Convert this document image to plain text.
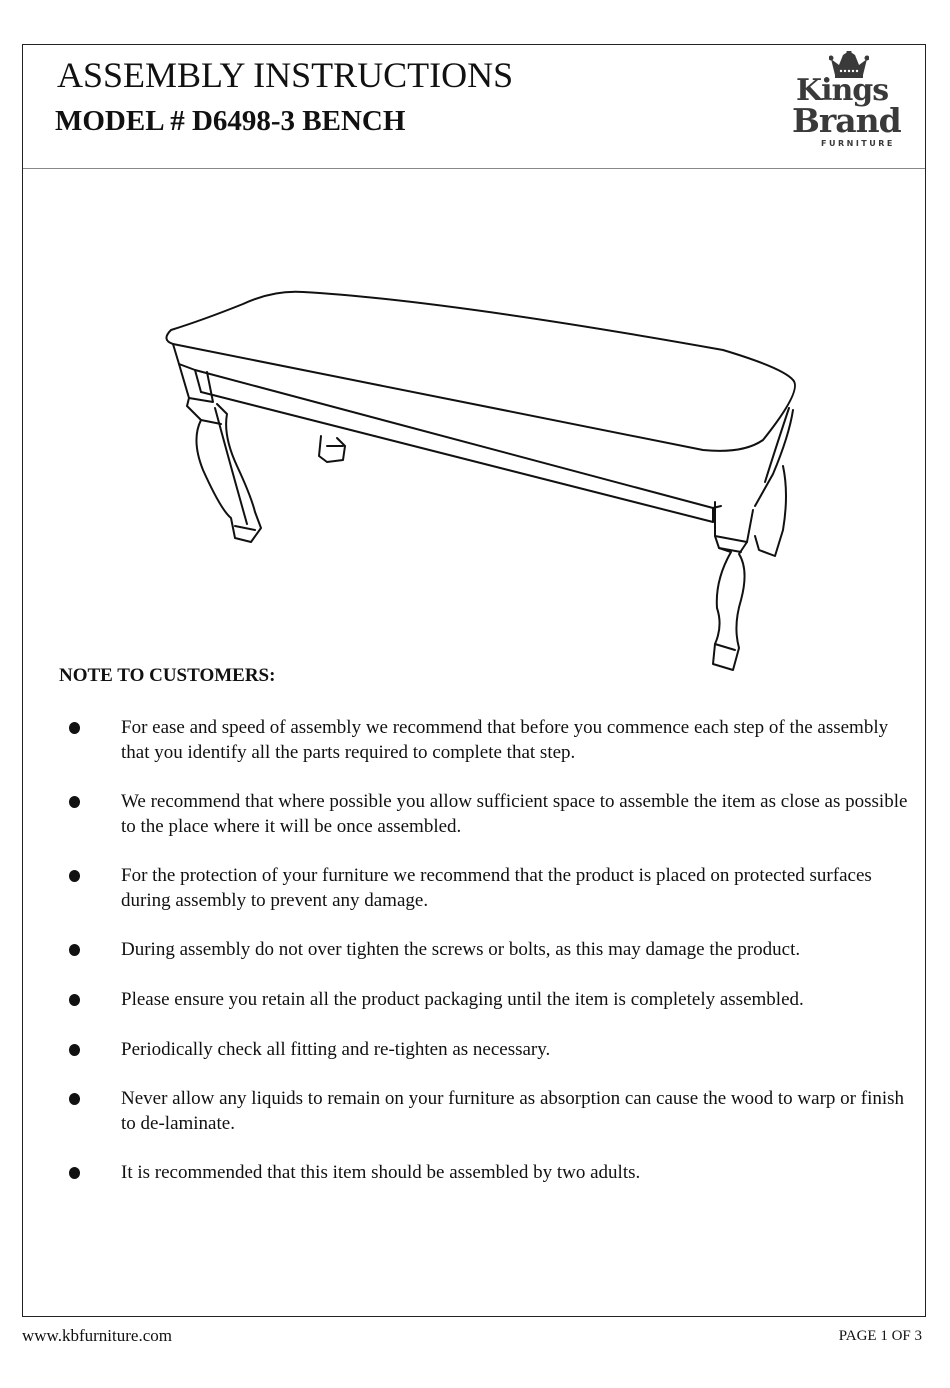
ASSEMBLY INSTRUCTIONS
MODEL # D6498-3 BENCH
Kings
Brand
FURNITURE
NOTE TO CUSTOMERS:
For ease and speed of assembly we recommend that before you commence each step of the assembly that you identify all the parts required to complete that step.
We recommend that where possible you allow sufficient space to assemble the item as close as possible to the place where it will be once assembled.
For the protection of your furniture we recommend that the product is placed on protected surfaces during assembly to prevent any damage.
During assembly do not over tighten the screws or bolts, as this may damage the product.
Please ensure you retain all the product packaging until the item is completely assembled.
Periodically check all fitting and re-tighten as necessary.
Never allow any liquids to remain on your furniture as absorption can cause the wood to warp or finish to de-laminate.
It is recommended that this item should be assembled by two adults.
www.kbfurniture.com	PAGE 1 OF 3
